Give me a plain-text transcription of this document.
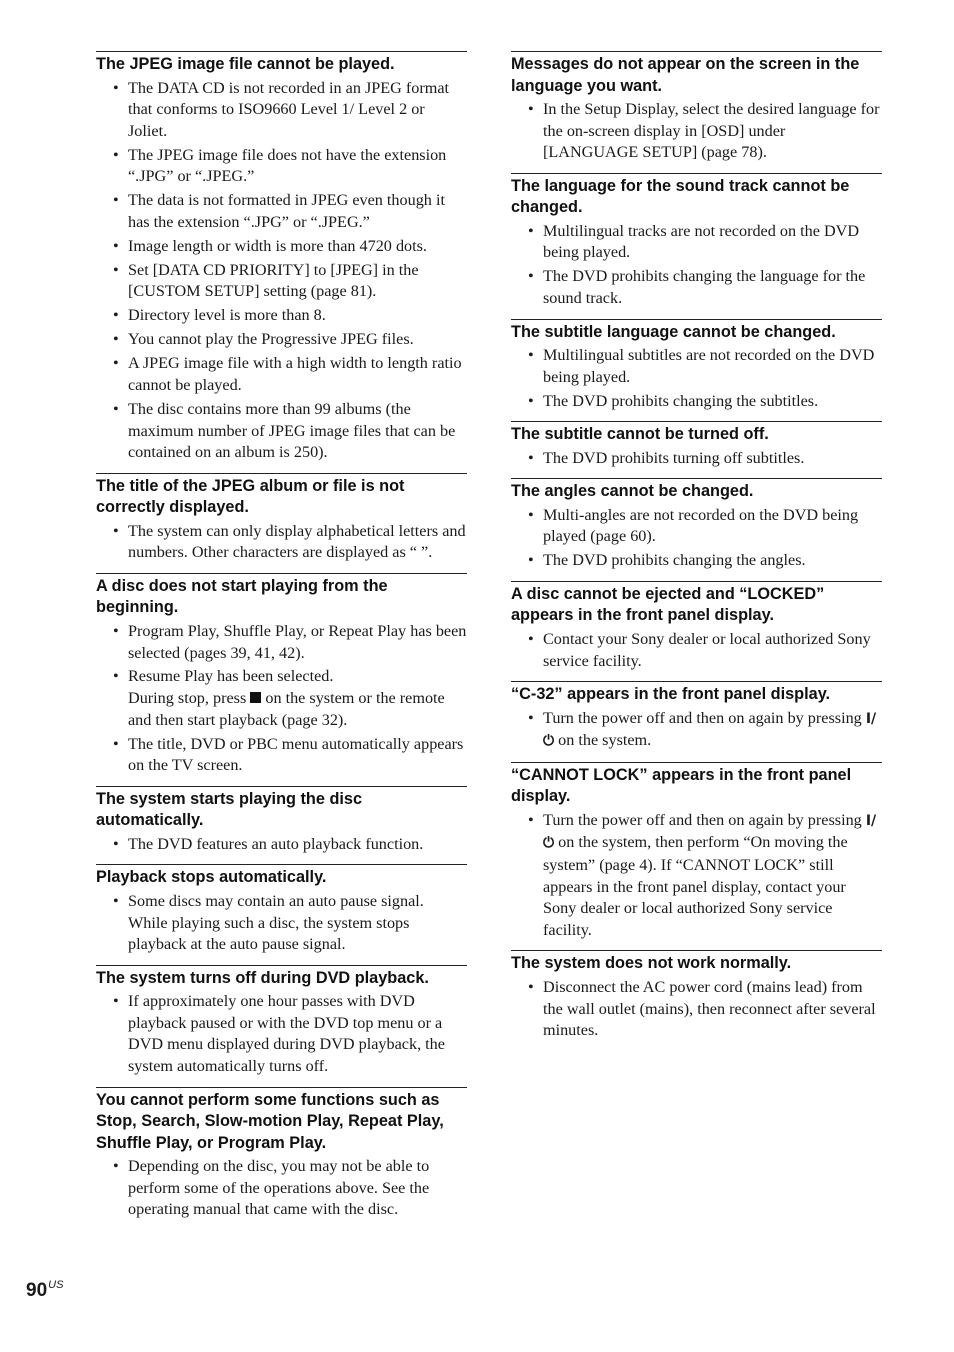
The JPEG image file cannot be played.

• The DATA CD is not recorded in an JPEG format that conforms to ISO9660 Level 1/ Level 2 or Joliet.
• The JPEG image file does not have the extension “.JPG” or “.JPEG.”
• The data is not formatted in JPEG even though it has the extension “.JPG” or “.JPEG.”
• Image length or width is more than 4720 dots.
• Set [DATA CD PRIORITY] to [JPEG] in the [CUSTOM SETUP] setting (page 81).
• Directory level is more than 8.
• You cannot play the Progressive JPEG files.
• A JPEG image file with a high width to length ratio cannot be played.
• The disc contains more than 99 albums (the maximum number of JPEG image files that can be contained on an album is 250).

The title of the JPEG album or file is not correctly displayed.

• The system can only display alphabetical letters and numbers. Other characters are displayed as “ ”.

A disc does not start playing from the beginning.

• Program Play, Shuffle Play, or Repeat Play has been selected (pages 39, 41, 42).
• Resume Play has been selected.
During stop, press on the system or the remote and then start playback (page 32).
• The title, DVD or PBC menu automatically appears on the TV screen.

The system starts playing the disc automatically.

• The DVD features an auto playback function.

Playback stops automatically.

• Some discs may contain an auto pause signal. While playing such a disc, the system stops playback at the auto pause signal.

The system turns off during DVD playback.

• If approximately one hour passes with DVD playback paused or with the DVD top menu or a DVD menu displayed during DVD playback, the system automatically turns off.

You cannot perform some functions such as Stop, Search, Slow-motion Play, Repeat Play, Shuffle Play, or Program Play.

• Depending on the disc, you may not be able to perform some of the operations above. See the operating manual that came with the disc.

Messages do not appear on the screen in the language you want.

• In the Setup Display, select the desired language for the on-screen display in [OSD] under [LANGUAGE SETUP] (page 78).

The language for the sound track cannot be changed.

• Multilingual tracks are not recorded on the DVD being played.
• The DVD prohibits changing the language for the sound track.

The subtitle language cannot be changed.

• Multilingual subtitles are not recorded on the DVD being played.
• The DVD prohibits changing the subtitles.

The subtitle cannot be turned off.

• The DVD prohibits turning off subtitles.

The angles cannot be changed.

• Multi-angles are not recorded on the DVD being played (page 60).
• The DVD prohibits changing the angles.

A disc cannot be ejected and “LOCKED” appears in the front panel display.

• Contact your Sony dealer or local authorized Sony service facility.

“C-32” appears in the front panel display.

• Turn the power off and then on again by pressing I/⏻ on the system.

“CANNOT LOCK” appears in the front panel display.

• Turn the power off and then on again by pressing I/⏻ on the system, then perform “On moving the system” (page 4). If “CANNOT LOCK” still appears in the front panel display, contact your Sony dealer or local authorized Sony service facility.

The system does not work normally.

• Disconnect the AC power cord (mains lead) from the wall outlet (mains), then reconnect after several minutes.
$90^{US}$
